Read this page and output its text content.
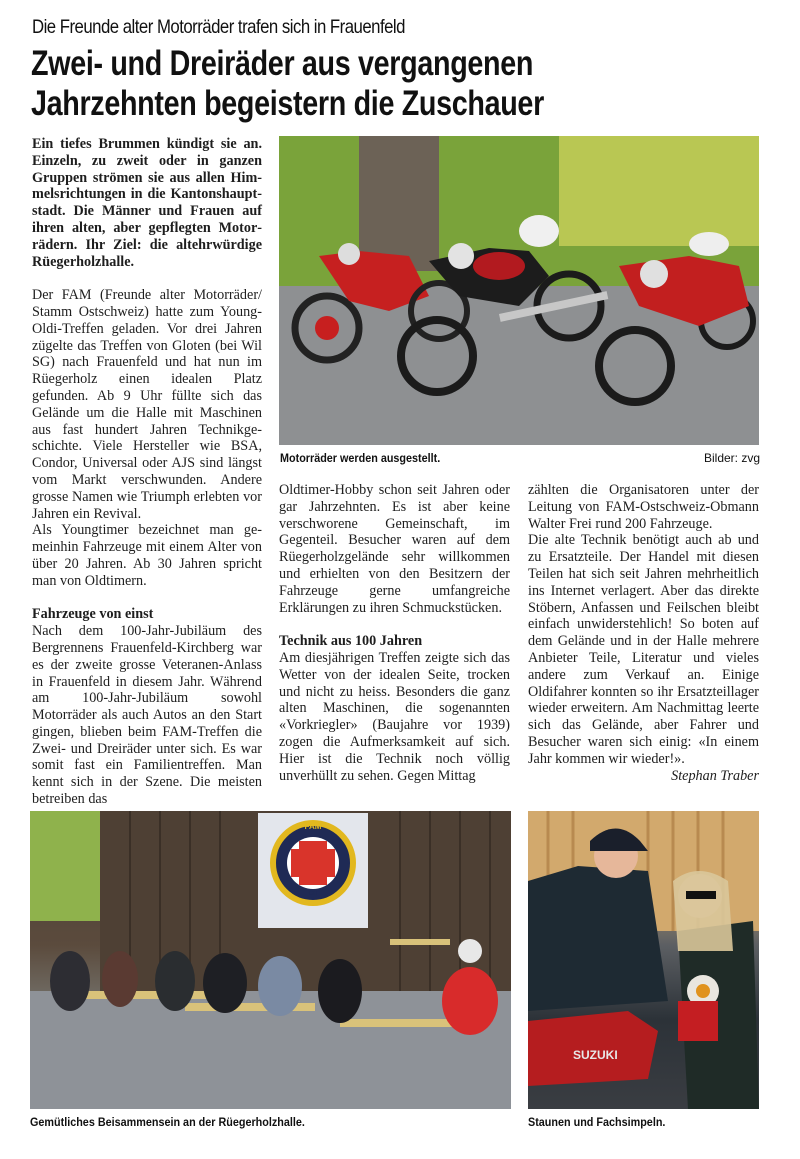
Die Freunde alter Motorräder trafen sich in Frauenfeld
Zwei- und Dreiräder aus vergangenen
Jahrzehnten begeistern die Zuschauer

Ein tiefes Brummen kündigt sie an. Einzeln, zu zweit oder in ganzen Gruppen strömen sie aus allen Himmelsrichtungen in die Kantonshauptstadt. Die Männer und Frauen auf ihren alten, aber gepflegten Motorrädern. Ihr Ziel: die altehrwürdige Rüegerholzhalle.

Der FAM (Freunde alter Motorräder/ Stamm Ostschweiz) hatte zum Young-Oldi-Treffen geladen. Vor drei Jahren zügelte das Treffen von Gloten (bei Wil SG) nach Frauenfeld und hat nun im Rüegerholz einen idealen Platz gefunden. Ab 9 Uhr füllte sich das Gelände um die Halle mit Maschinen aus fast hundert Jahren Technikgeschichte. Viele Hersteller wie BSA, Condor, Universal oder AJS sind längst vom Markt verschwunden. Andere grosse Namen wie Triumph erlebten vor Jahren ein Revival.

Als Youngtimer bezeichnet man gemeinhin Fahrzeuge mit einem Alter von über 20 Jahren. Ab 30 Jahren spricht man von Oldtimern.

Fahrzeuge von einst

Nach dem 100-Jahr-Jubiläum des Bergrennens Frauenfeld-Kirchberg war es der zweite grosse Veteranen-Anlass in Frauenfeld in diesem Jahr. Während am 100-Jahr-Jubiläum sowohl Motorräder als auch Autos an den Start gingen, blieben beim FAM-Treffen die Zwei- und Dreiräder unter sich. Es war somit fast ein Familientreffen. Man kennt sich in der Szene. Die meisten betreiben das

Motorräder werden ausgestellt.	Bilder: zvg

Oldtimer-Hobby schon seit Jahren oder gar Jahrzehnten. Es ist aber keine verschworene Gemeinschaft, im Gegenteil. Besucher waren auf dem Rüegerholzgelände sehr willkommen und erhielten von den Besitzern der Fahrzeuge gerne umfangreiche Erklärungen zu ihren Schmuckstücken.

Technik aus 100 Jahren

Am diesjährigen Treffen zeigte sich das Wetter von der idealen Seite, trocken und nicht zu heiss. Besonders die ganz alten Maschinen, die sogenannten «Vorkriegler» (Baujahre vor 1939) zogen die Aufmerksamkeit auf sich. Hier ist die Technik noch völlig unverhüllt zu sehen. Gegen Mittag

zählten die Organisatoren unter der Leitung von FAM-Ostschweiz-Obmann Walter Frei rund 200 Fahrzeuge.

Die alte Technik benötigt auch ab und zu Ersatzteile. Der Handel mit diesen Teilen hat sich seit Jahren mehrheitlich ins Internet verlagert. Aber das direkte Stöbern, Anfassen und Feilschen bleibt einfach unwiderstehlich! So boten auf dem Gelände und in der Halle mehrere Anbieter Teile, Literatur und vieles andere zum Verkauf an. Einige Oldifahrer konnten so ihr Ersatzteillager wieder erweitern. Am Nachmittag leerte sich das Gelände, aber Fahrer und Besucher waren sich einig: «In einem Jahr kommen wir wieder!».
Stephan Traber

FAM
CH
Gemütliches Beisammensein an der Rüegerholzhalle.
SUZUKI
Staunen und Fachsimpeln.
